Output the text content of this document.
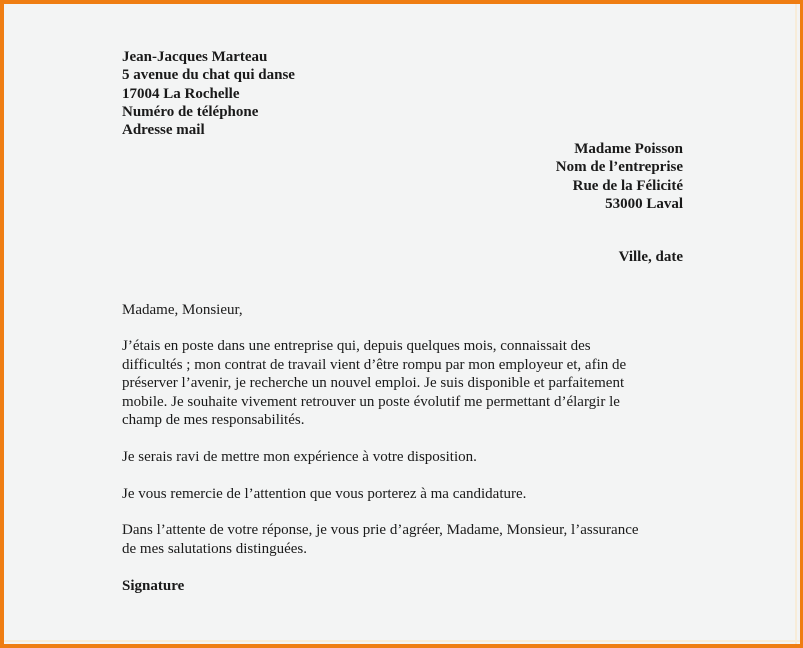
Jean-Jacques Marteau
5 avenue du chat qui danse
17004 La Rochelle
Numéro de téléphone
Adresse mail
Madame Poisson
Nom de l’entreprise
Rue de la Félicité
53000 Laval
Ville, date
Madame, Monsieur,
J’étais en poste dans une entreprise qui, depuis quelques mois, connaissait des
difficultés ; mon contrat de travail vient d’être rompu par mon employeur et, afin de
préserver l’avenir, je recherche un nouvel emploi. Je suis disponible et parfaitement
mobile. Je souhaite vivement retrouver un poste évolutif me permettant d’élargir le
champ de mes responsabilités.
Je serais ravi de mettre mon expérience à votre disposition.
Je vous remercie de l’attention que vous porterez à ma candidature.
Dans l’attente de votre réponse, je vous prie d’agréer, Madame, Monsieur, l’assurance
de mes salutations distinguées.
Signature
